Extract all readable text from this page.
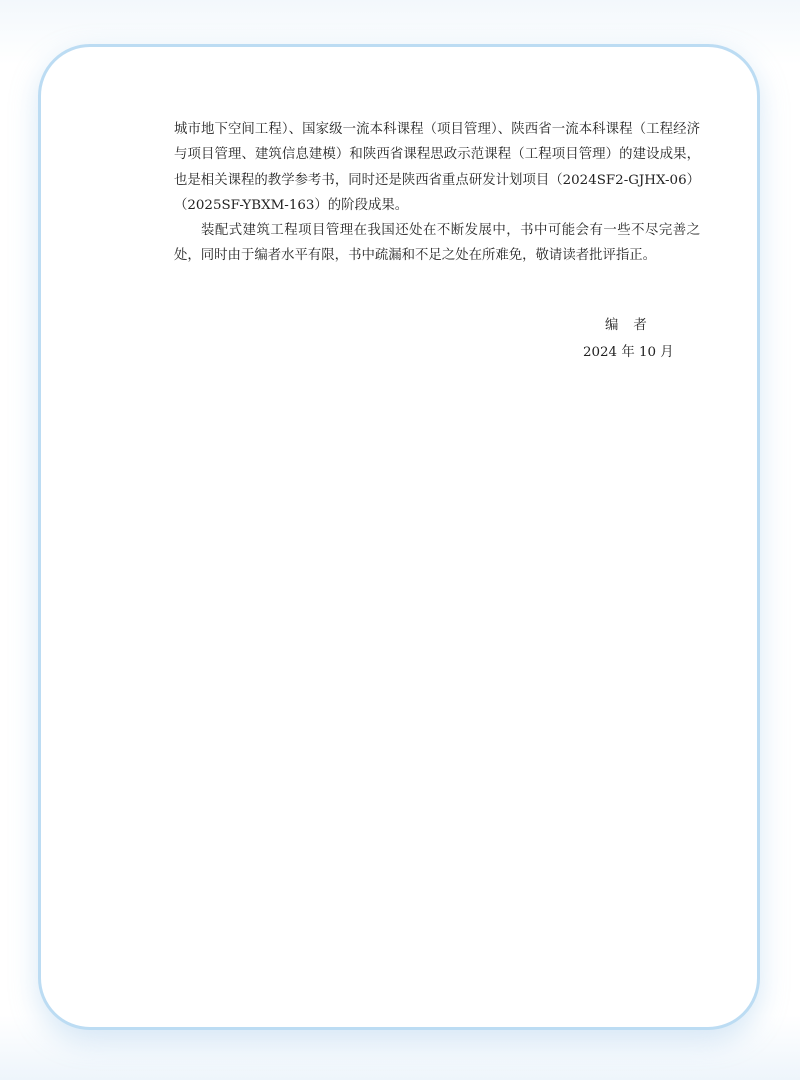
城市地下空间工程）、国家级一流本科课程（项目管理）、陕西省一流本科课程（工程经济与项目管理、建筑信息建模）和陕西省课程思政示范课程（工程项目管理）的建设成果，也是相关课程的教学参考书，同时还是陕西省重点研发计划项目（2024SF2-GJHX-06）（2025SF-YBXM-163）的阶段成果。

装配式建筑工程项目管理在我国还处在不断发展中，书中可能会有一些不尽完善之处，同时由于编者水平有限，书中疏漏和不足之处在所难免，敬请读者批评指正。

编者
2024 年 10 月
